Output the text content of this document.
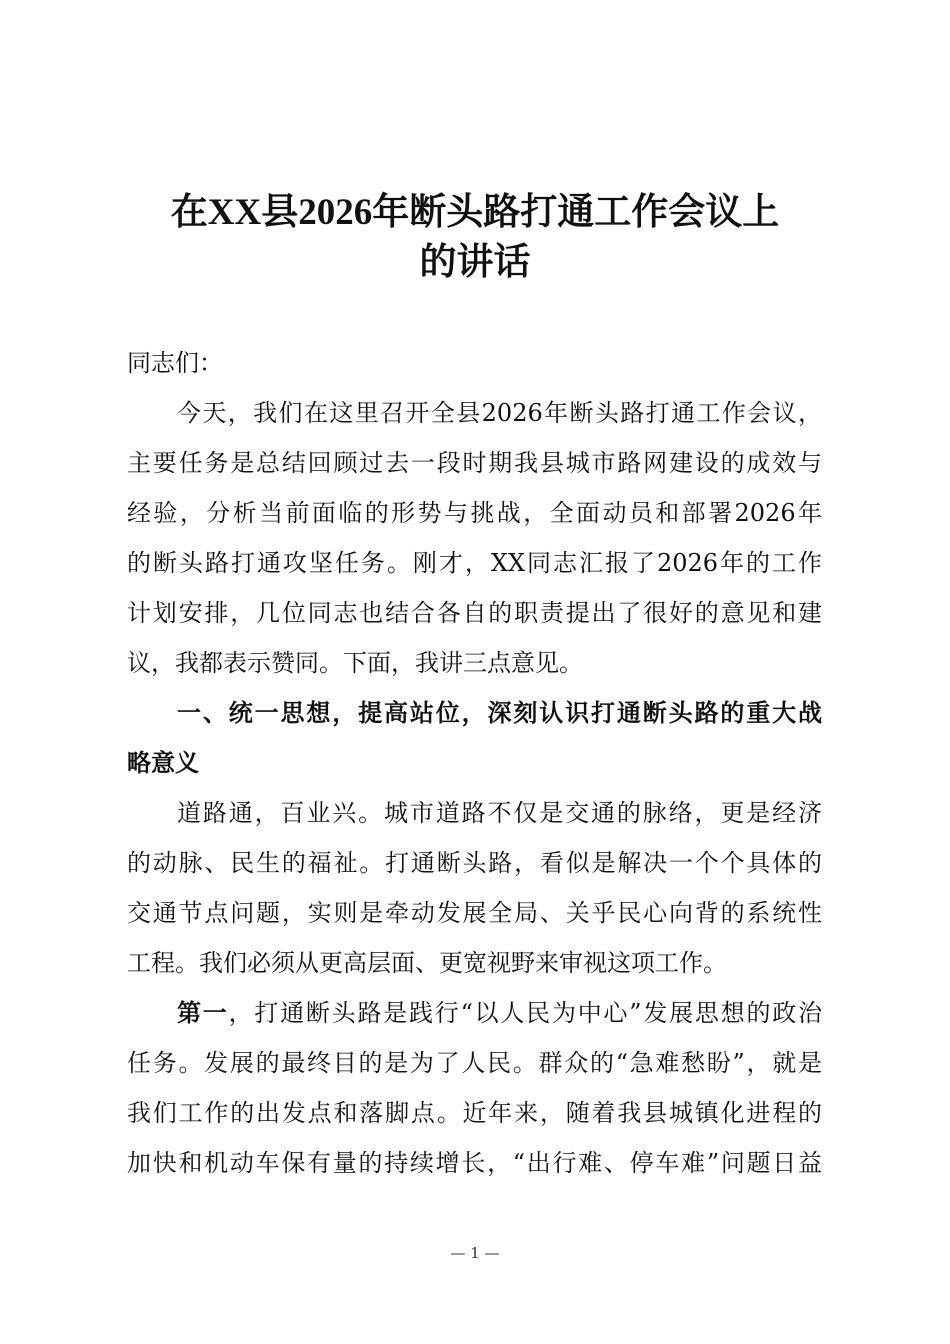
在XX县2026年断头路打通工作会议上
的讲话
同志们：
今天，我们在这里召开全县2026年断头路打通工作会议，
主要任务是总结回顾过去一段时期我县城市路网建设的成效与
经验，分析当前面临的形势与挑战，全面动员和部署2026年
的断头路打通攻坚任务。刚才，XX同志汇报了2026年的工作
计划安排，几位同志也结合各自的职责提出了很好的意见和建
议，我都表示赞同。下面，我讲三点意见。
一、统一思想，提高站位，深刻认识打通断头路的重大战
略意义
道路通，百业兴。城市道路不仅是交通的脉络，更是经济
的动脉、民生的福祉。打通断头路，看似是解决一个个具体的
交通节点问题，实则是牵动发展全局、关乎民心向背的系统性
工程。我们必须从更高层面、更宽视野来审视这项工作。
第一，打通断头路是践行“以人民为中心”发展思想的政治
任务。发展的最终目的是为了人民。群众的“急难愁盼”，就是
我们工作的出发点和落脚点。近年来，随着我县城镇化进程的
加快和机动车保有量的持续增长，“出行难、停车难”问题日益
— 1 —
